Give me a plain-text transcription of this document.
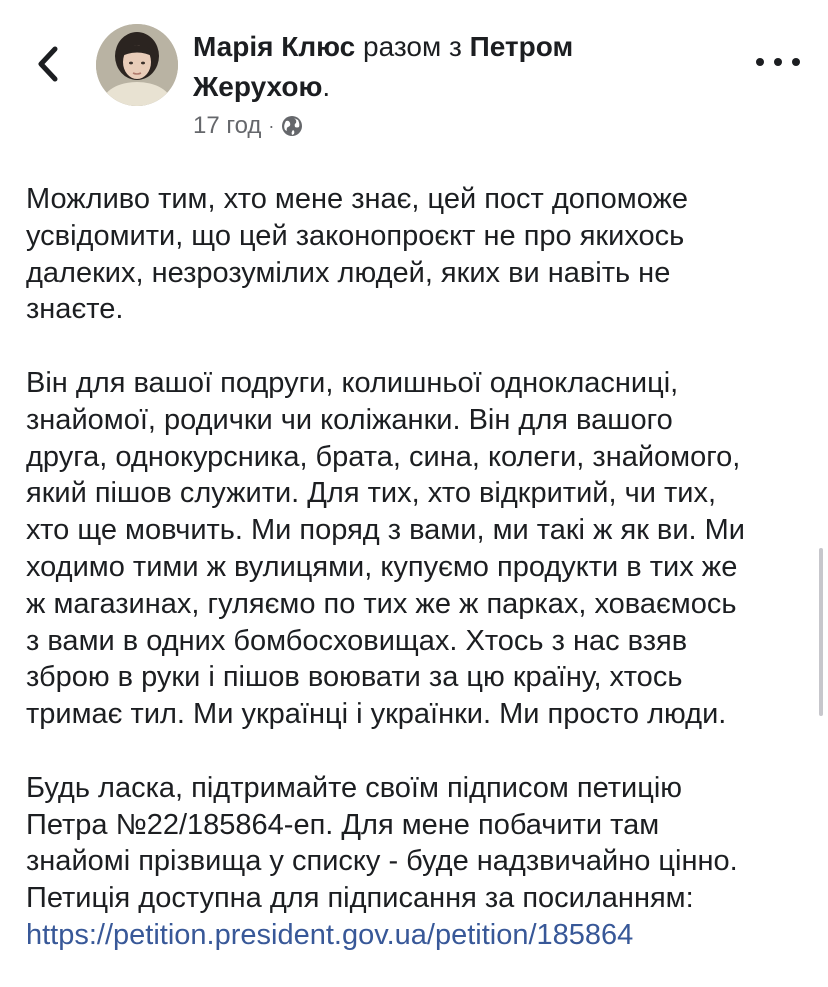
Марія Клюс разом з Петром Жерухою.
17 год ·

Можливо тим, хто мене знає, цей пост допоможе

усвідомити, що цей законопроєкт не про якихось

далеких, незрозумілих людей, яких ви навіть не

знаєте.

Він для вашої подруги, колишньої однокласниці,

знайомої, родички чи коліжанки. Він для вашого

друга, однокурсника, брата, сина, колеги, знайомого,

який пішов служити. Для тих, хто відкритий, чи тих,

хто ще мовчить. Ми поряд з вами, ми такі ж як ви. Ми

ходимо тими ж вулицями, купуємо продукти в тих же

ж магазинах, гуляємо по тих же ж парках, ховаємось

з вами в одних бомбосховищах. Хтось з нас взяв

зброю в руки і пішов воювати за цю країну, хтось

тримає тил. Ми українці і українки. Ми просто люди.

Будь ласка, підтримайте своїм підписом петицію

Петра №22/185864-еп. Для мене побачити там

знайомі прізвища у списку - буде надзвичайно цінно.

Петиція доступна для підписання за посиланням:

https://petition.president.gov.ua/petition/185864
